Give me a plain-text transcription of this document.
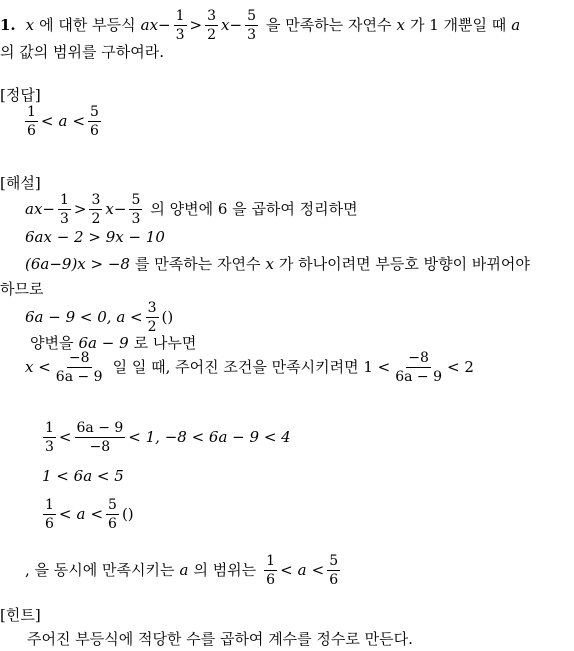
1. x 에 대한 부등식 ax − $\frac{1}{3} > \frac{3}{2}$ $x - \frac{5}{3}$ 을 만족하는 자연수 x 가 1 개뿐일 때 a
의 값의 범위를 구하여라.
[정답]
$\frac{1}{6} < a < \frac{5}{6}$
[해설]
ax − $\frac{1}{3} > \frac{3}{2}$ $x - \frac{5}{3}$ 의 양변에 6 을 곱하여 정리하면
6ax − 2 > 9x − 10
(6a−9)x > −8 를 만족하는 자연수 x 가 하나이려면 부등호 방향이 바뀌어야
하므로
6a − 9 < 0, $a < \frac{3}{2}$ ()
양변을 6a − 9 로 나누면
$x < \frac{-8}{6a - 9}$ 일 일 때, 주어진 조건을 만족시키려면 $1 < \frac{-8}{6a - 9} < 2$
$\frac{1}{3} < \frac{6a - 9}{-8} < 1$, −8 < 6a − 9 < 4
1 < 6a < 5
$\frac{1}{6} < a < \frac{5}{6}$ ()
, 을 동시에 만족시키는 a 의 범위는 $\frac{1}{6} < a < \frac{5}{6}$
[힌트]
주어진 부등식에 적당한 수를 곱하여 계수를 정수로 만든다.
